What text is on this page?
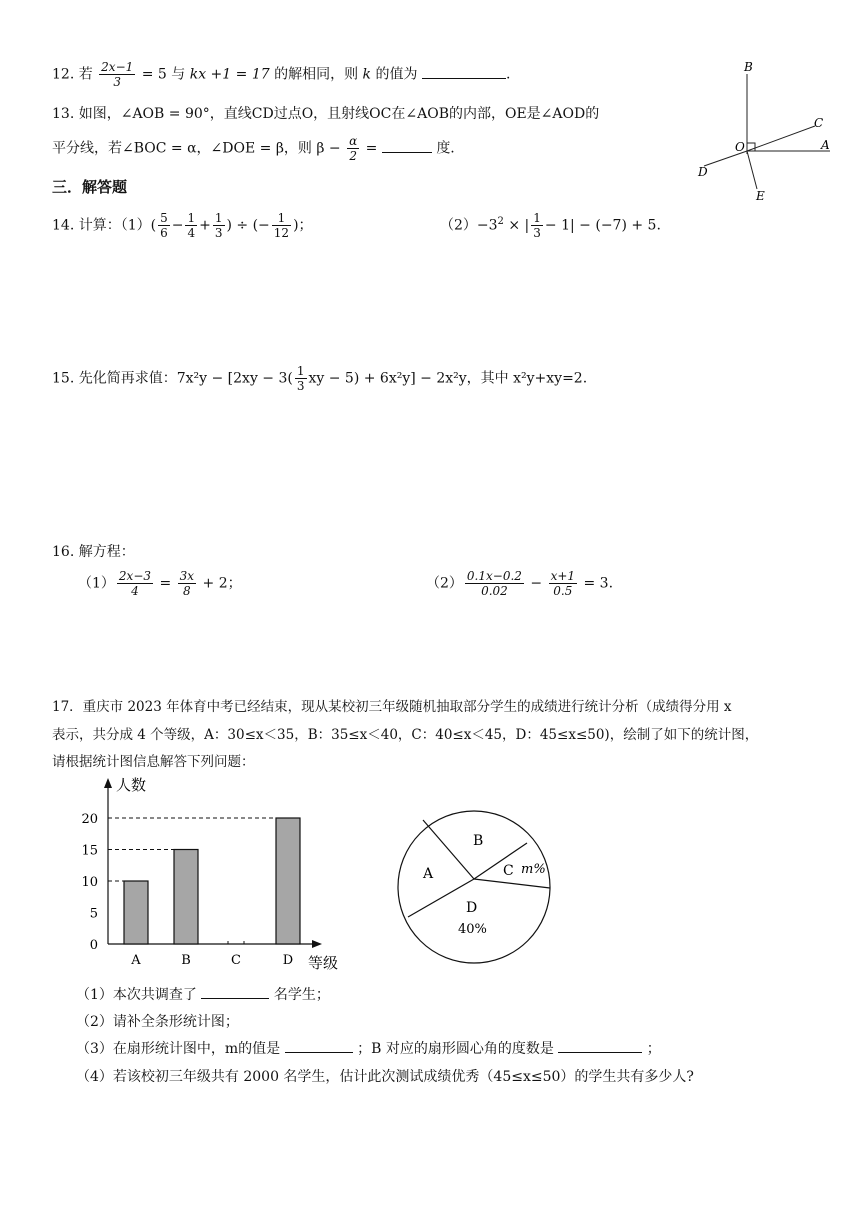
12. 若 $\frac{2x-1}{3} = 5$ 与 kx +1 = 17 的解相同，则 k 的值为	.
13. 如图，∠AOB = 90°，直线CD过点O，且射线OC在∠AOB的内部，OE是∠AOD的
平分线，若∠BOC = α，∠DOE = β，则 $\beta - \frac{\alpha}{2}$ =	度.
B
C
O	A
D
E
三．解答题
14. 计算：$(1)( \frac{5}{6} - \frac{1}{4} + \frac{1}{3}$ ) ÷ (− $\frac{1}{12}$ )；	$(2)-3^2$ × | $\frac{1}{3} - 1| - (-7) + 5$.
15. 先化简再求值：$7x^2y - [2xy - 3( \frac{1}{3}$ xy − 5) + 6x²y] − 2x²y，其中 x²y+xy=2.
16. 解方程：
$(1) \frac{2x-3}{4} = \frac{3x}{8} + 2$；	$(2) \frac{0.1x-0.2}{0.02} - \frac{x+1}{0.5} = 3$.
17．重庆市 2023 年体育中考已经结束，现从某校初三年级随机抽取部分学生的成绩进行统计分析（成绩得分用 x
表示，共分成 4 个等级，A：30≤x＜35，B：35≤x＜40，C：40≤x＜45，D：45≤x≤50)，绘制了如下的统计图，
请根据统计图信息解答下列问题：
人数
等级
0
5
10
15
20
A	B	C	D
A
B
C m%
D
40%
（1）本次共调查了	名学生；
（2）请补全条形统计图；
（3）在扇形统计图中，m的值是	；B 对应的扇形圆心角的度数是	；
（4）若该校初三年级共有 2000 名学生，估计此次测试成绩优秀（45≤x≤50）的学生共有多少人?
